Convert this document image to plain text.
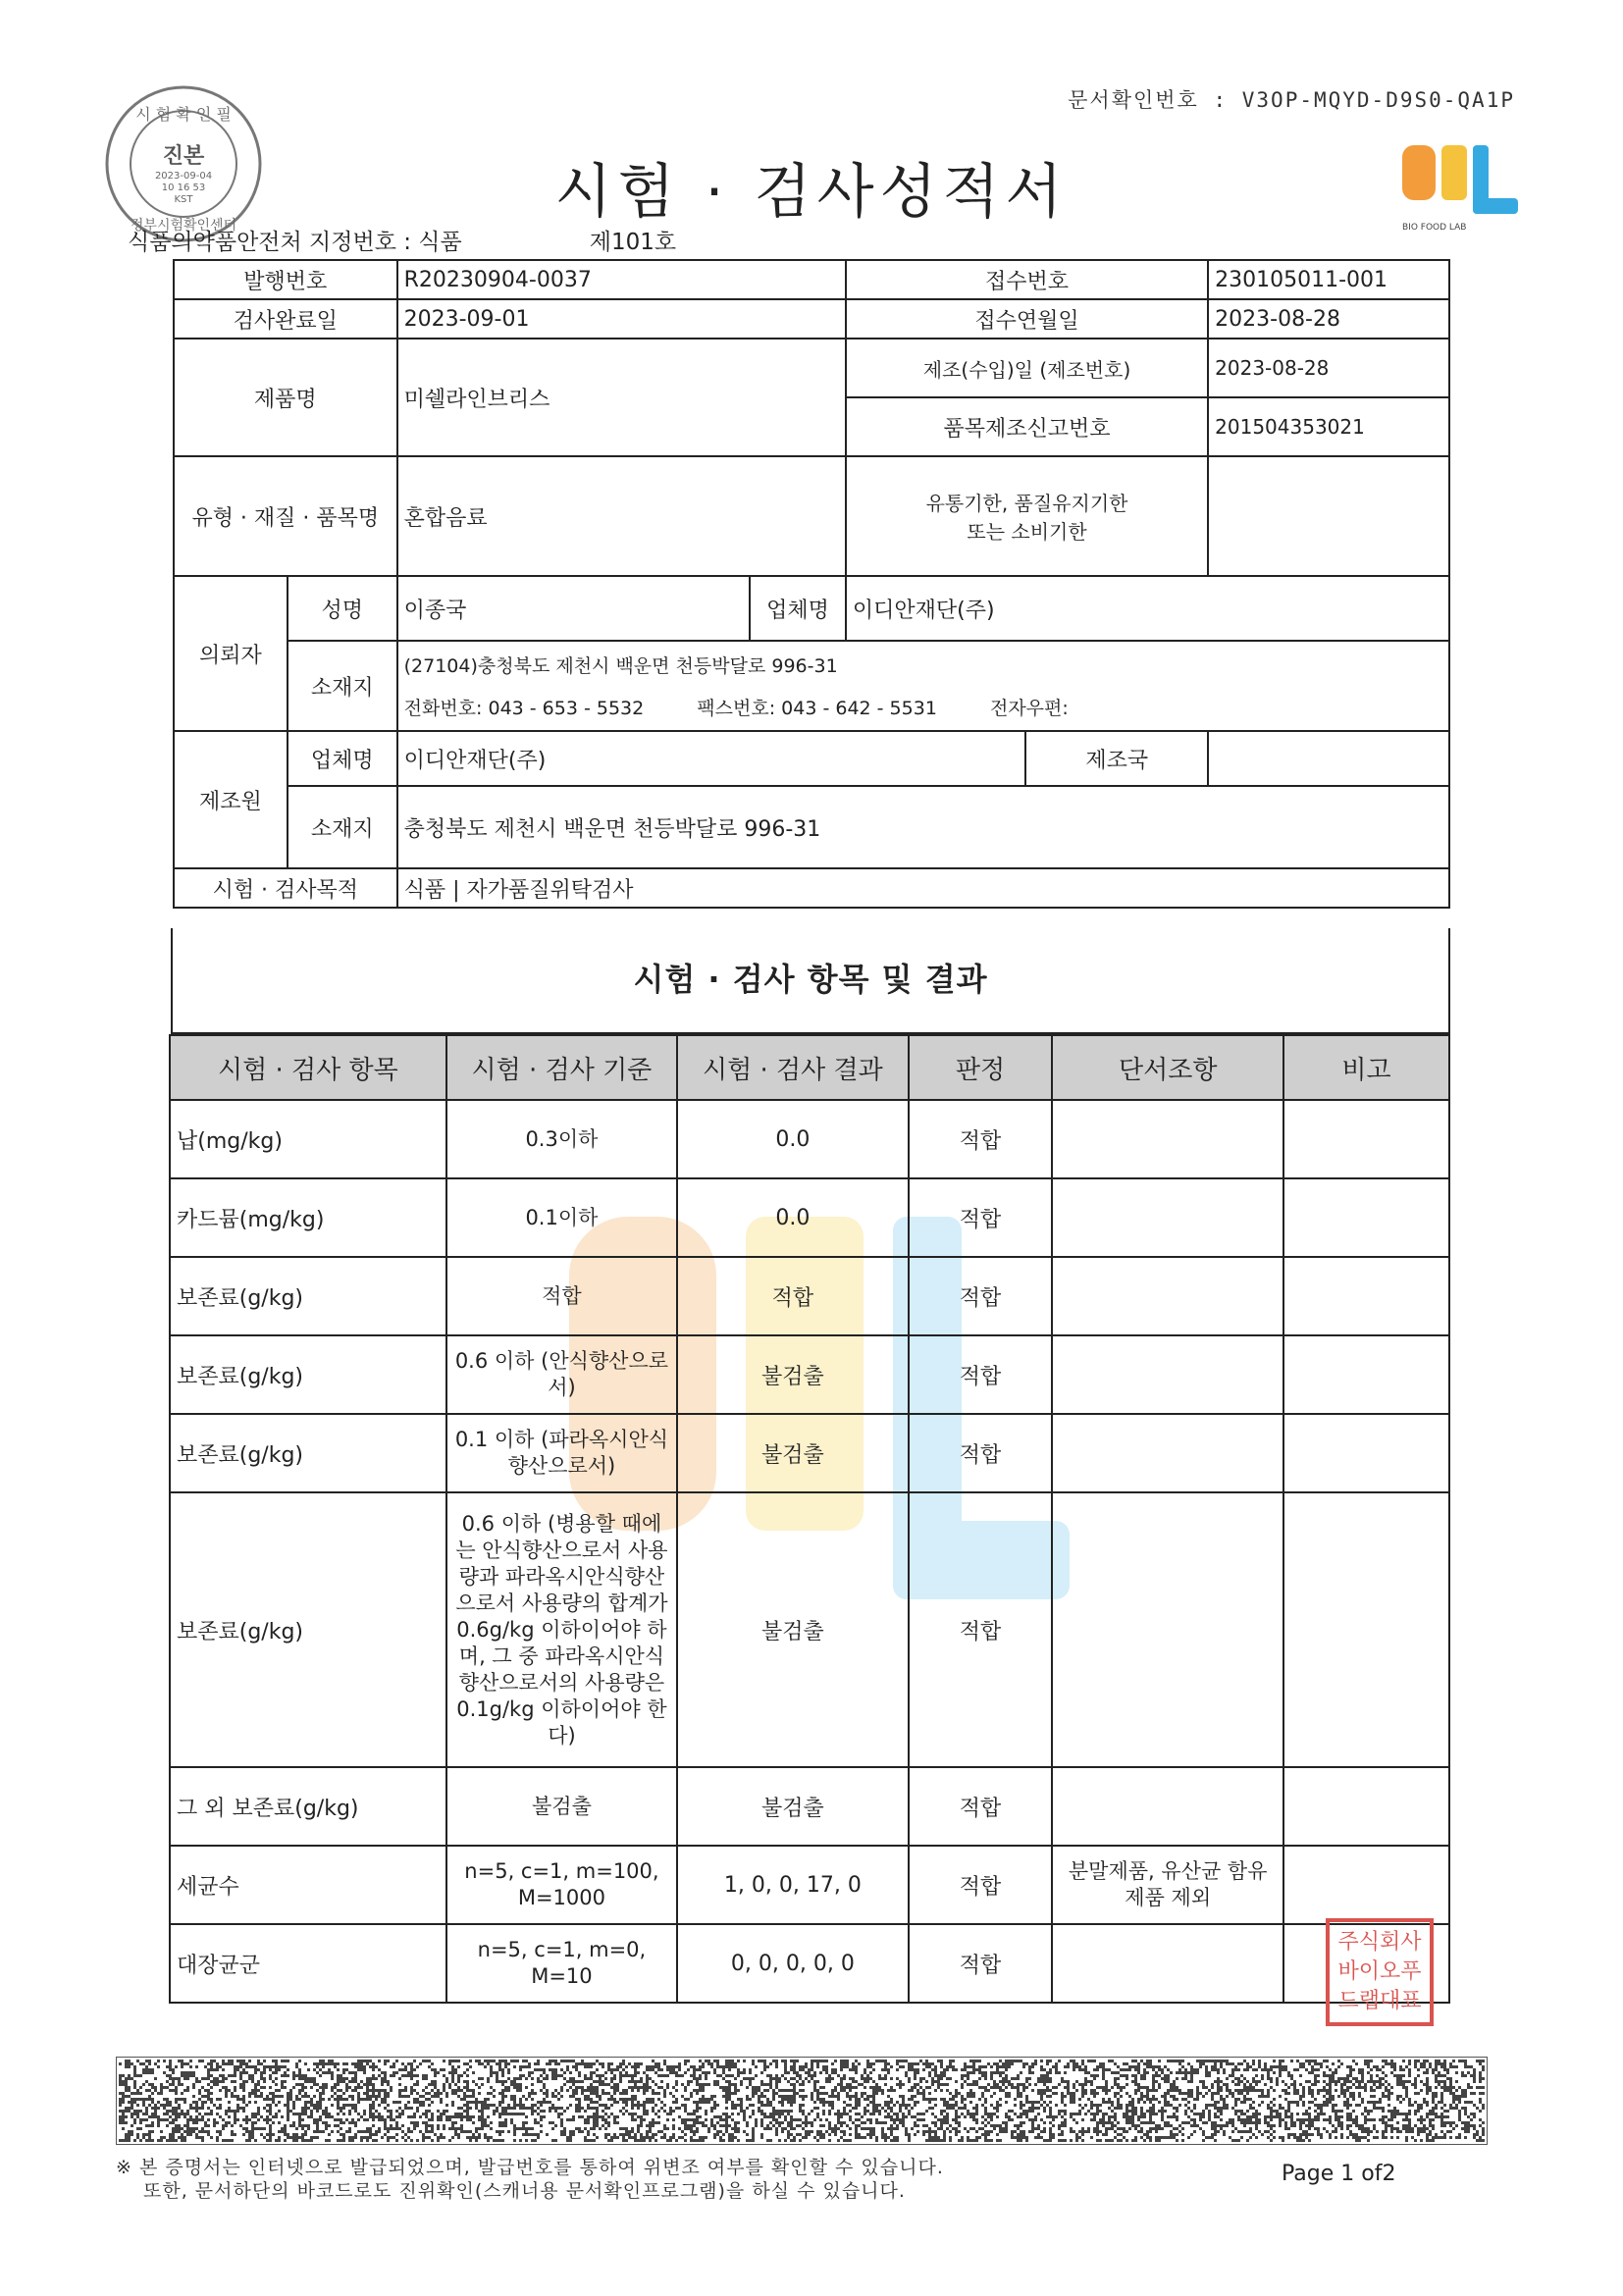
문서확인번호 : V3OP-MQYD-D9S0-QA1P
시 험 확 인 필
진본
2023-09-04
10 16 53
KST
정부시험확인센터	시험 · 검사성적서
BIO FOOD LAB
식품의약품안전처 지정번호 : 식품	제101호
발행번호		R20230904-0037		접수번호		230105011-001
검사완료일		2023-09-01		접수연월일		2023-08-28
제품명		미쉘라인브리스		제조(수입)일 (제조번호)		2023-08-28
				품목제조신고번호		201504353021
유형 · 재질 · 품목명		혼합음료		유통기한, 품질유지기한
또는 소비기한		

의뢰자	성명	이종국	업체명	이디안재단(주)		
	소재지	(27104)충청북도 제천시 백운면 천등박달로 996-31
전화번호: 043 - 653 - 5532 팩스번호: 043 - 642 - 5531 전자우편:				

제조원	업체명	이디안재단(주)			제조국	
	소재지	충청북도 제천시 백운면 천등박달로 996-31				
시험 · 검사목적		식품 | 자가품질위탁검사				
시험 · 검사 항목 및 결과
시험 · 검사 항목	시험 · 검사 기준	시험 · 검사 결과	판정	단서조항	비고
납(mg/kg)	0.3이하	0.0	적합		
카드뮴(mg/kg)	0.1이하	0.0	적합		
보존료(g/kg)	적합	적합	적합		
보존료(g/kg)	0.6 이하 (안식향산으로서)	불검출	적합		
보존료(g/kg)	0.1 이하 (파라옥시안식향산으로서)	불검출	적합		
보존료(g/kg)	0.6 이하 (병용할 때에는 안식향산으로서 사용량과 파라옥시안식향산으로서 사용량의 합계가 0.6g/kg 이하이어야 하며, 그 중 파라옥시안식향산으로서의 사용량은 0.1g/kg 이하이어야 한다)	불검출	적합		
그 외 보존료(g/kg)	불검출	불검출	적합		
세균수	n=5, c=1, m=100, M=1000	1, 0, 0, 17, 0	적합	분말제품, 유산균 함유제품 제외	
대장균군	n=5, c=1, m=0, M=10	0, 0, 0, 0, 0	적합		
주식회사
바이오푸
드랩대표
※ 본 증명서는 인터넷으로 발급되었으며, 발급번호를 통하여 위변조 여부를 확인할 수 있습니다.
또한, 문서하단의 바코드로도 진위확인(스캐너용 문서확인프로그램)을 하실 수 있습니다.
Page 1 of2
